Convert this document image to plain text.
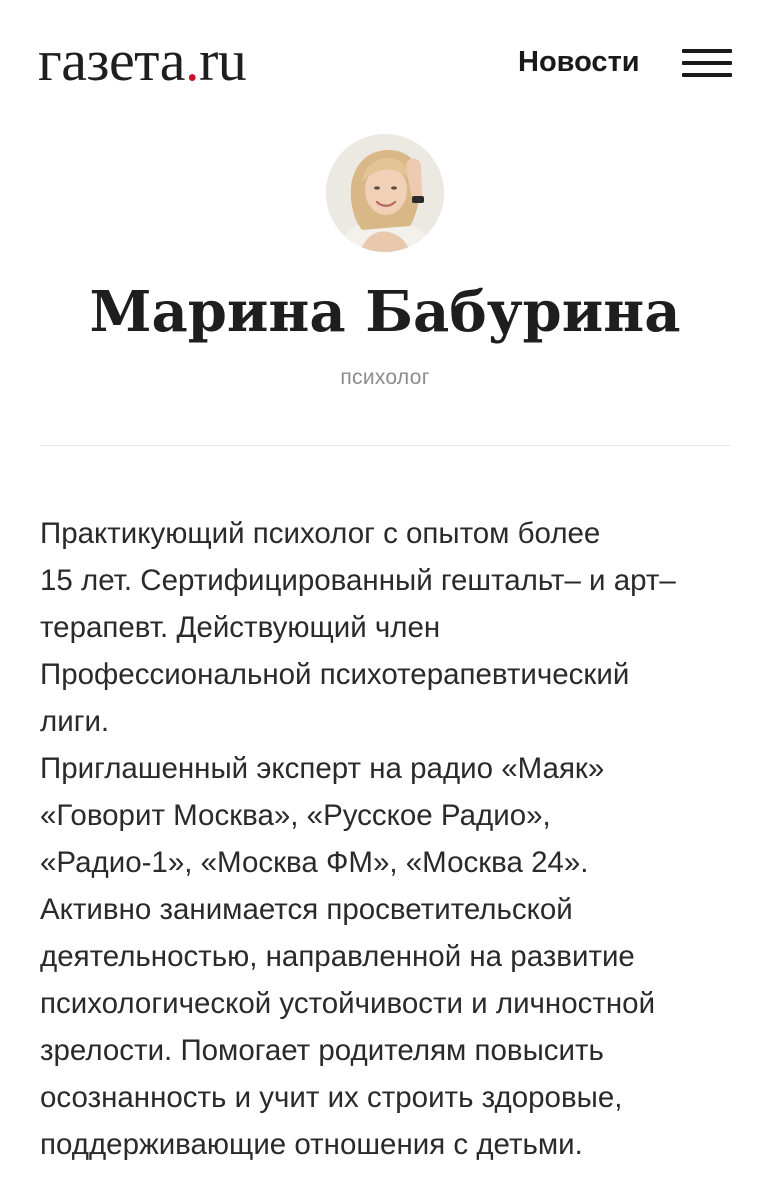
газета.ru	Новости
Марина Бабурина
психолог
Практикующий психолог с опытом более
15 лет. Сертифицированный гештальт– и арт–
терапевт. Действующий член
Профессиональной психотерапевтический
лиги.
Приглашенный эксперт на радио «Маяк»
«Говорит Москва», «Русское Радио»,
«Радио-1», «Москва ФМ», «Москва 24».
Активно занимается просветительской
деятельностью, направленной на развитие
психологической устойчивости и личностной
зрелости. Помогает родителям повысить
осознанность и учит их строить здоровые,
поддерживающие отношения с детьми.
